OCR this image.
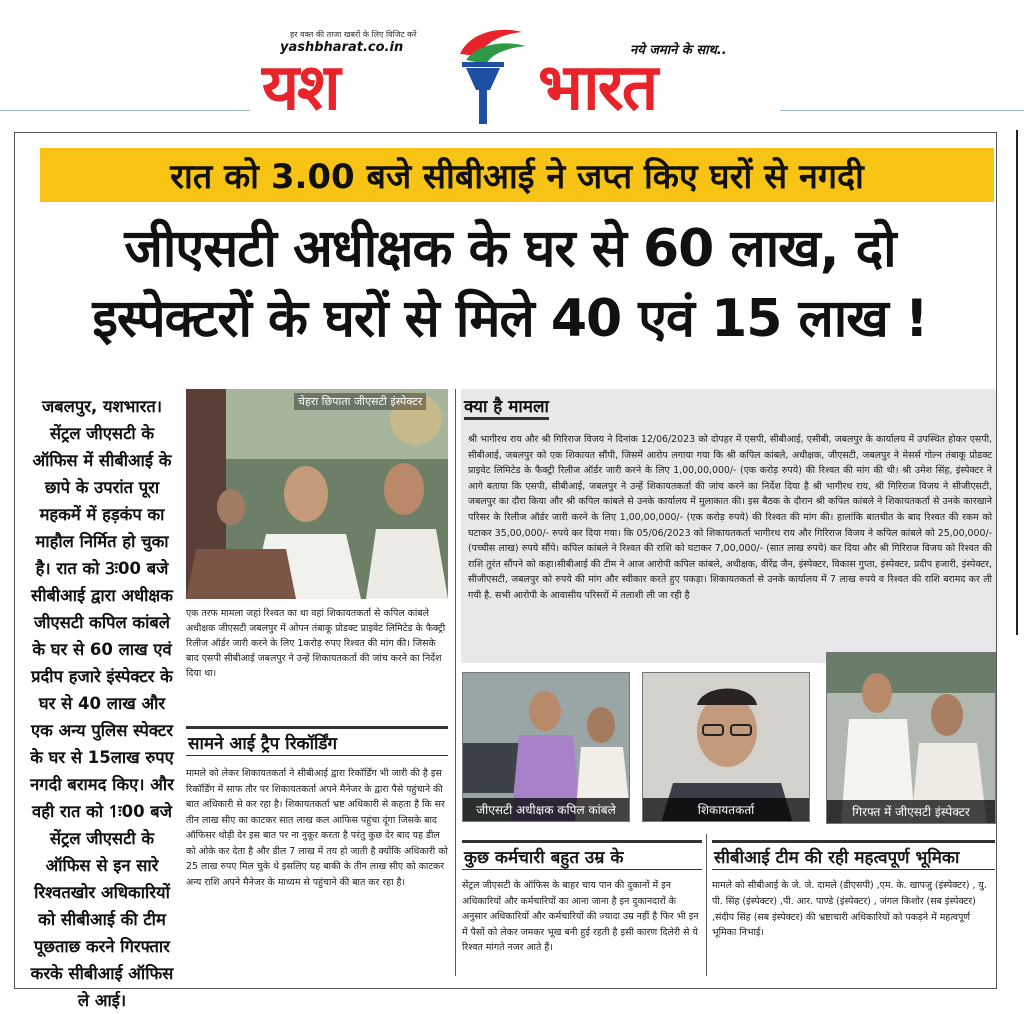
हर वक्त की ताजा खबरों के लिए विजिट करें
yashbharat.co.in
यश	भारत
नये जमाने के साथ..
रात को 3.00 बजे सीबीआई ने जप्त किए घरों से नगदी
जीएसटी अधीक्षक के घर से 60 लाख, दो
इस्पेक्टरों के घरों से मिले 40 एवं 15 लाख !
जबलपुर, यशभारत। सेंट्रल जीएसटी के ऑफिस में सीबीआई के छापे के उपरांत पूरा महकमें में हड़कंप का माहौल निर्मित हो चुका है। रात को 3ः00 बजे सीबीआई द्वारा अधीक्षक जीएसटी कपिल कांबले के घर से 60 लाख एवं प्रदीप हजारे इंस्पेक्टर के घर से 40 लाख और एक अन्य पुलिस स्पेक्टर के घर से 15लाख रुपए नगदी बरामद किए। और वही रात को 1ः00 बजे सेंट्रल जीएसटी के ऑफिस से इन सारे रिश्वतखोर अधिकारियों को सीबीआई की टीम पूछताछ करने गिरफ्तार करके सीबीआई ऑफिस ले आई।
चेहरा छिपाता जीएसटी इंस्पेक्टर
एक तरफ मामला जहां रिश्वत का था वहां शिकायतकर्ता से कपिल कांबले अधीक्षक जीएसटी जबलपुर में ओपन तंबाकू प्रोडक्ट प्राइवेट लिमिटेड के फैक्ट्री रिलीज ऑर्डर जारी करने के लिए 1करोड़ रुपए रिश्वत की मांग की। जिसके बाद एसपी सीबीआई जबलपुर ने उन्हें शिकायतकर्ता की जांच करने का निर्देश दिया था।
सामने आई ट्रैप रिकॉर्डिंग
मामले को लेकर शिकायतकर्ता ने सीबीआई द्वारा रिकॉर्डिंग भी जारी की है इस रिकॉर्डिंग में साफ तौर पर शिकायतकर्ता अपने मैनेजर के द्वारा पैसे पहुंचाने की बात अधिकारी से कर रहा है। शिकायतकर्ता भ्रष्ट अधिकारी से कहता है कि सर तीन लाख सीए का काटकर सात लाख कल आफिस पहुंचा दूंगा जिसके बाद ऑफिसर थोड़ी देर इस बात पर ना नुकूर करता है परंतु कुछ देर बाद यह डील को ओके कर देता है और डील 7 लाख में तय हो जाती है क्योंकि अधिकारी को 25 लाख रुपए मिल चुके थे इसलिए यह बाकी के तीन लाख सीए को काटकर अन्य राशि अपने मैनेजर के माध्यम से पहुंचाने की बात कर रहा है।
क्या है मामला
श्री भागीरथ राय और श्री गिरिराज विजय ने दिनांक 12/06/2023 को दोपहर में एसपी, सीबीआई, एसीबी, जबलपुर के कार्यालय में उपस्थित होकर एसपी, सीबीआई, जबलपुर को एक शिकायत सौंपी, जिसमें आरोप लगाया गया कि श्री कपिल कांबले, अधीक्षक, जीएसटी, जबलपुर ने मेसर्स गोल्न तंबाकू प्रोडक्ट प्राइवेट लिमिटेड के फैक्ट्री रिलीज ऑर्डर जारी करने के लिए 1,00,00,000/- (एक करोड़ रुपये) की रिश्वत की मांग की थी। श्री उमेश सिंह, इंस्पेक्टर ने आगे बताया कि एसपी, सीबीआई, जबलपुर ने उन्हें शिकायतकर्ता की जांच करने का निर्देश दिया है श्री भागीरथ राय, श्री गिरिराज विजय ने सीजीएसटी, जबलपुर का दौरा किया और श्री कपिल कांबले से उनके कार्यालय में मुलाकात की। इस बैठक के दौरान श्री कपिल कांबले ने शिकायतकर्ता से उनके कारखाने परिसर के रिलीज ऑर्डर जारी करने के लिए 1,00,00,000/- (एक करोड़ रुपये) की रिश्वत की मांग की। हालांकि बातचीत के बाद रिश्वत की रकम को घटाकर 35,00,000/- रुपये कर दिया गया। कि 05/06/2023 को शिकायतकर्ता भागीरथ राय और गिरिराज विजय ने कपिल कांबले को 25,00,000/- (पच्चीस लाख) रुपये सौंपे। कपिल कांबले ने रिश्वत की राशि को घटाकर 7,00,000/- (सात लाख रुपये) कर दिया और श्री गिरिराज विजय को रिश्वत की राशि तुरंत सौंपने को कहा।सीबीआई की टीम ने आज आरोपी कपिल कांबले, अधीक्षक, वीरेंद्र जैन, इंस्पेक्टर, विकास गुप्ता, इंस्पेक्टर, प्रदीप हजारी, इंस्पेक्टर, सीजीएसटी, जबलपुर को रुपये की मांग और स्वीकार करते हुए पकड़ा। शिकायतकर्ता से उनके कार्यालय में 7 लाख रुपये व रिश्वत की राशि बरामद कर ली गयी है. सभी आरोपी के आवासीय परिसरों में तलाशी ली जा रही है
जीएसटी अधीक्षक कपिल कांबले	शिकायतकर्ता	गिरफ्त में जीएसटी इंस्पेक्टर
कुछ कर्मचारी बहुत उम्र के
सेंट्रल जीएसटी के ऑफिस के बाहर चाय पान की दुकानों में इन अधिकारियों और कर्मचारियों का आना जाना है इन दुकानदारों के अनुसार अधिकारियों और कर्मचारियों की ज्यादा उम्र नहीं है फिर भी इन में पैसों को लेकर जमकर भूख बनी हुई रहती है इसी कारण दिलेरी से ये रिश्वत मांगते नजर आते हैं।
सीबीआई टीम की रही महत्वपूर्ण भूमिका
मामले को सीबीआई के जे. जे. दामले (डीएसपी) ,एम. के. खापजु (इंस्पेक्टर) , यु. पी. सिंह (इंस्पेक्टर) ,पी. आर. पाण्डे (इंस्पेक्टर) , जंगल किशोर (सब इंस्पेक्टर) ,संदीप सिंह (सब इंस्पेक्टर) की भ्रष्टाचारी अधिकारियों को पकड़ने में महत्वपूर्ण भूमिका निभाई।
